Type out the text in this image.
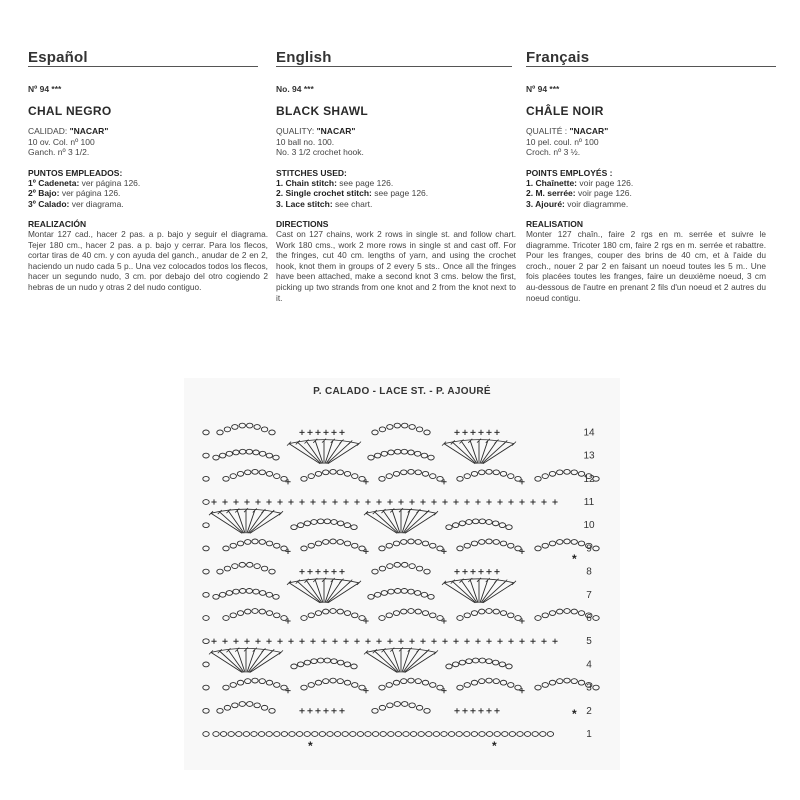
Español
Nº 94 ***
CHAL NEGRO
CALIDAD: "NACAR"
10 ov. Col. nº 100
Ganch. nº 3 1/2.
PUNTOS EMPLEADOS:
1º Cadeneta: ver página 126.
2º Bajo: ver página 126.
3º Calado: ver diagrama.
REALIZACIÓN

Montar 127 cad., hacer 2 pas. a p. bajo y seguir el diagrama. Tejer 180 cm., hacer 2 pas. a p. bajo y cerrar. Para los flecos, cortar tiras de 40 cm. y con ayuda del ganch., anudar de 2 en 2, haciendo un nudo cada 5 p.. Una vez colocados todos los flecos, hacer un segundo nudo, 3 cm. por debajo del otro cogiendo 2 hebras de un nudo y otras 2 del nudo contiguo.

English
No. 94 ***
BLACK SHAWL
QUALITY: "NACAR"
10 ball no. 100.
No. 3 1/2 crochet hook.
STITCHES USED:
1. Chain stitch: see page 126.
2. Single crochet stitch: see page 126.
3. Lace stitch: see chart.
DIRECTIONS

Cast on 127 chains, work 2 rows in single st. and follow chart. Work 180 cms., work 2 more rows in single st and cast off. For the fringes, cut 40 cm. lengths of yarn, and using the crochet hook, knot them in groups of 2 every 5 sts.. Once all the fringes have been attached, make a second knot 3 cms. below the first, picking up two strands from one knot and 2 from the knot next to it.

Français
Nº 94 ***
CHÂLE NOIR
QUALITÉ : "NACAR"
10 pel. coul. nº 100
Croch. nº 3 ½.
POINTS EMPLOYÉS :
1. Chaînette: voir page 126.
2. M. serrée: voir page 126.
3. Ajouré: voir diagramme.
REALISATION

Monter 127 chaîn., faire 2 rgs en m. serrée et suivre le diagramme. Tricoter 180 cm, faire 2 rgs en m. serrée et rabattre. Pour les franges, couper des brins de 40 cm, et à l'aide du croch., nouer 2 par 2 en faisant un noeud toutes les 5 m.. Une fois placées toutes les franges, faire un deuxième noeud, 3 cm au-dessous de l'autre en prenant 2 fils d'un noeud et 2 autres du noeud contigu.

P. CALADO - LACE ST. - P. AJOURÉ
1
2
3
4
5
6
7
8
9
10
11
12
13
14
*	*
*
*
